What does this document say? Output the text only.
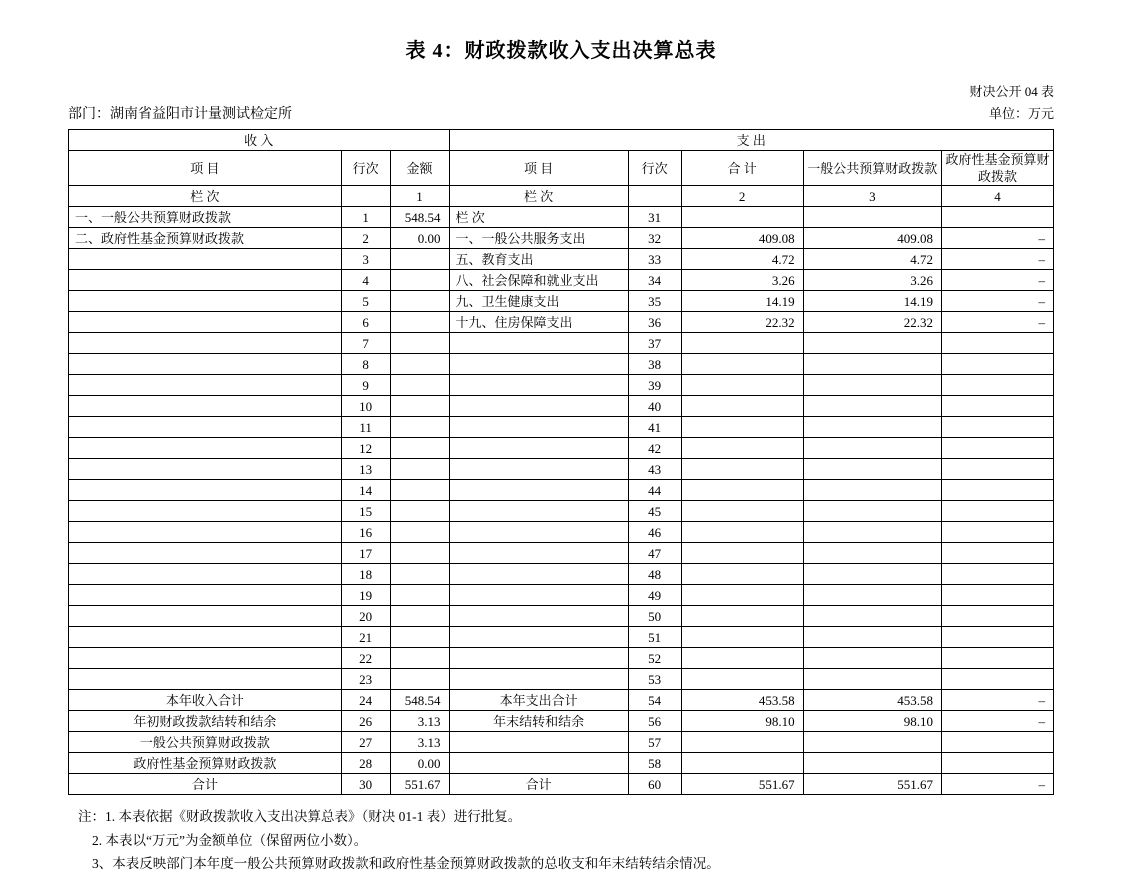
表 4：财政拨款收入支出决算总表
财决公开 04 表
部门：湖南省益阳市计量测试检定所	单位：万元
收 入			支 出				
项 目	行次	金额	项 目	行次	合 计	一般公共预算财政拨款	政府性基金预算财政拨款
栏 次		1	栏 次		2	3	4
一、一般公共预算财政拨款	1	548.54	栏 次	31			
二、政府性基金预算财政拨款	2	0.00	一、一般公共服务支出	32	409.08	409.08	–
	3		五、教育支出	33	4.72	4.72	–
	4		八、社会保障和就业支出	34	3.26	3.26	–
	5		九、卫生健康支出	35	14.19	14.19	–
	6		十九、住房保障支出	36	22.32	22.32	–
	7			37			
	8			38			
	9			39			
	10			40			
	11			41			
	12			42			
	13			43			
	14			44			
	15			45			
	16			46			
	17			47			
	18			48			
	19			49			
	20			50			
	21			51			
	22			52			
	23			53			
本年收入合计	24	548.54	本年支出合计	54	453.58	453.58	–
年初财政拨款结转和结余	26	3.13	年末结转和结余	56	98.10	98.10	–
一般公共预算财政拨款	27	3.13		57			
政府性基金预算财政拨款	28	0.00		58			
合计	30	551.67	合计	60	551.67	551.67	–
注：1. 本表依据《财政拨款收入支出决算总表》（财决 01-1 表）进行批复。
2. 本表以“万元”为金额单位（保留两位小数）。
3、本表反映部门本年度一般公共预算财政拨款和政府性基金预算财政拨款的总收支和年末结转结余情况。
